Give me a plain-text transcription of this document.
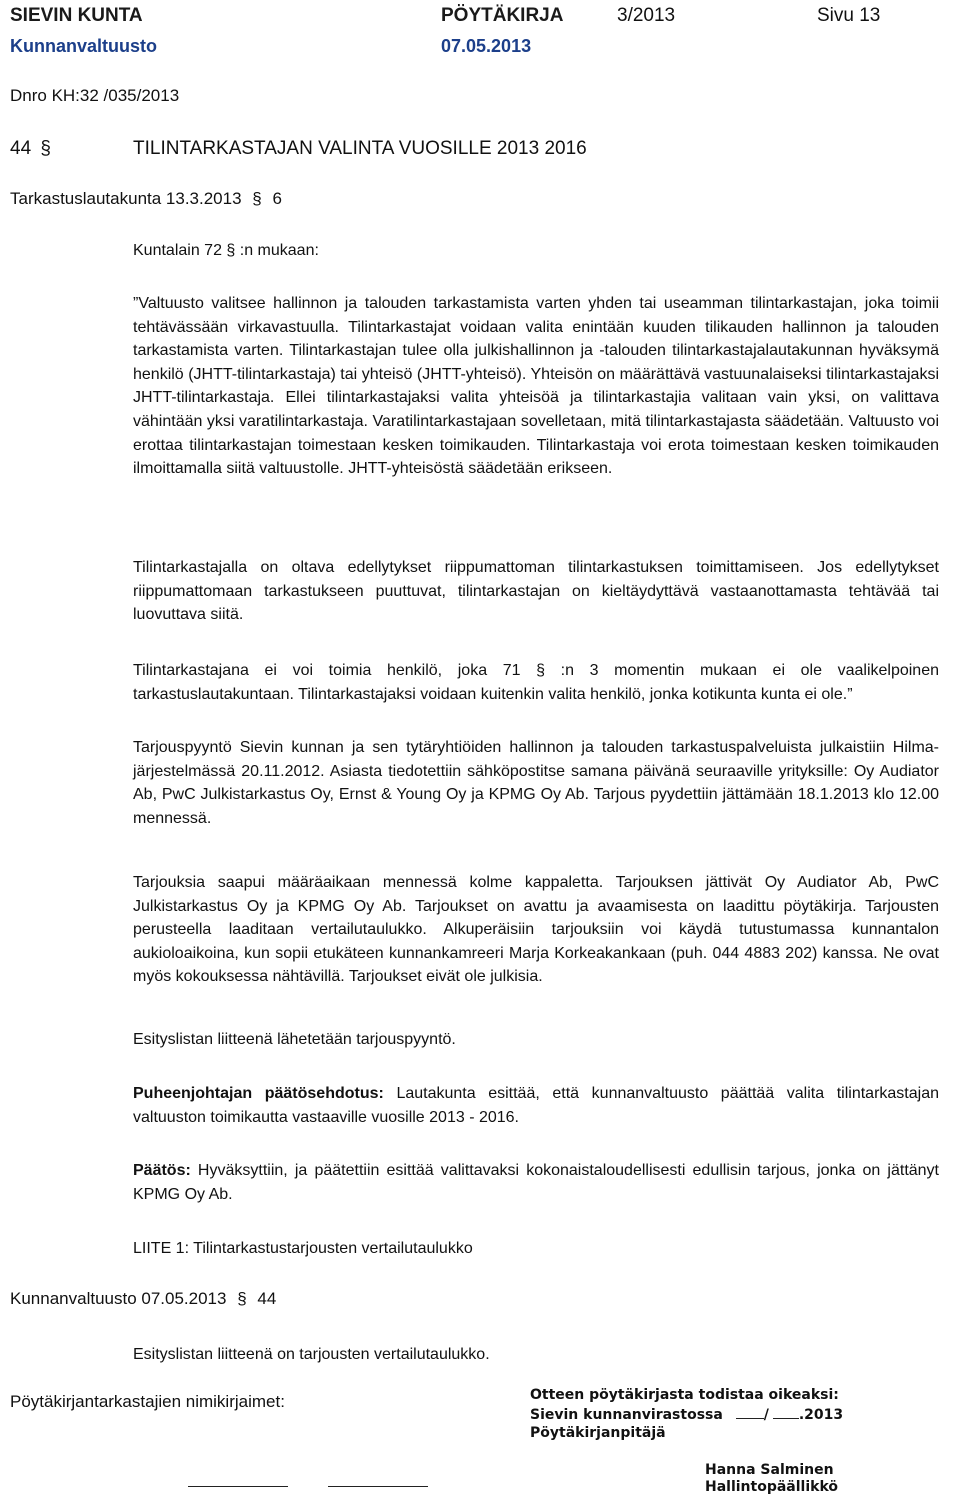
SIEVIN KUNTA	PÖYTÄKIRJA	3/2013	Sivu 13
Kunnanvaltuusto	07.05.2013
Dnro KH:32 /035/2013
44 §	TILINTARKASTAJAN VALINTA VUOSILLE 2013 2016
Tarkastuslautakunta 13.3.2013 § 6

Kuntalain 72 § :n mukaan:

”Valtuusto valitsee hallinnon ja talouden tarkastamista varten yhden tai useamman tilintarkastajan, joka toimii tehtävässään virkavastuulla. Tilintarkastajat voidaan valita enintään kuuden tilikauden hallinnon ja talouden tarkastamista varten. Tilintarkastajan tulee olla julkishallinnon ja -talouden tilintarkastajalautakunnan hyväksymä henkilö (JHTT-tilintarkastaja) tai yhteisö (JHTT-yhteisö). Yhteisön on määrättävä vastuunalaiseksi tilintarkastajaksi JHTT-tilintarkastaja. Ellei tilintarkastajaksi valita yhteisöä ja tilintarkastajia valitaan vain yksi, on valittava vähintään yksi varatilintarkastaja. Varatilintarkastajaan sovelletaan, mitä tilintarkastajasta säädetään. Valtuusto voi erottaa tilintarkastajan toimestaan kesken toimikauden. Tilintarkastaja voi erota toimestaan kesken toimikauden ilmoittamalla siitä valtuustolle. JHTT-yhteisöstä säädetään erikseen.

Tilintarkastajalla on oltava edellytykset riippumattoman tilintarkastuksen toimittamiseen. Jos edellytykset riippumattomaan tarkastukseen puuttuvat, tilintarkastajan on kieltäydyttävä vastaanottamasta tehtävää tai luovuttava siitä.

Tilintarkastajana ei voi toimia henkilö, joka 71 § :n 3 momentin mukaan ei ole vaalikelpoinen tarkastuslautakuntaan. Tilintarkastajaksi voidaan kuitenkin valita henkilö, jonka kotikunta kunta ei ole.”

Tarjouspyyntö Sievin kunnan ja sen tytäryhtiöiden hallinnon ja talouden tarkastuspalveluista julkaistiin Hilma-järjestelmässä 20.11.2012. Asiasta tiedotettiin sähköpostitse samana päivänä seuraaville yrityksille: Oy Audiator Ab, PwC Julkistarkastus Oy, Ernst & Young Oy ja KPMG Oy Ab. Tarjous pyydettiin jättämään 18.1.2013 klo 12.00 mennessä.

Tarjouksia saapui määräaikaan mennessä kolme kappaletta. Tarjouksen jättivät Oy Audiator Ab, PwC Julkistarkastus Oy ja KPMG Oy Ab. Tarjoukset on avattu ja avaamisesta on laadittu pöytäkirja. Tarjousten perusteella laaditaan vertailutaulukko. Alkuperäisiin tarjouksiin voi käydä tutustumassa kunnantalon aukioloaikoina, kun sopii etukäteen kunnankamreeri Marja Korkeakankaan (puh. 044 4883 202) kanssa. Ne ovat myös kokouksessa nähtävillä. Tarjoukset eivät ole julkisia.

Esityslistan liitteenä lähetetään tarjouspyyntö.

Puheenjohtajan päätösehdotus: Lautakunta esittää, että kunnanvaltuusto päättää valita tilintarkastajan valtuuston toimikautta vastaaville vuosille 2013 - 2016.

Päätös: Hyväksyttiin, ja päätettiin esittää valittavaksi kokonaistaloudellisesti edullisin tarjous, jonka on jättänyt KPMG Oy Ab.

LIITE 1: Tilintarkastustarjousten vertailutaulukko

Kunnanvaltuusto 07.05.2013 § 44

Esityslistan liitteenä on tarjousten vertailutaulukko.

Pöytäkirjantarkastajien nimikirjaimet:	Otteen pöytäkirjasta todistaa oikeaksi:
Sievin kunnanvirastossa	/ .2013
Pöytäkirjanpitäjä
Hanna Salminen
Hallintopäällikkö
